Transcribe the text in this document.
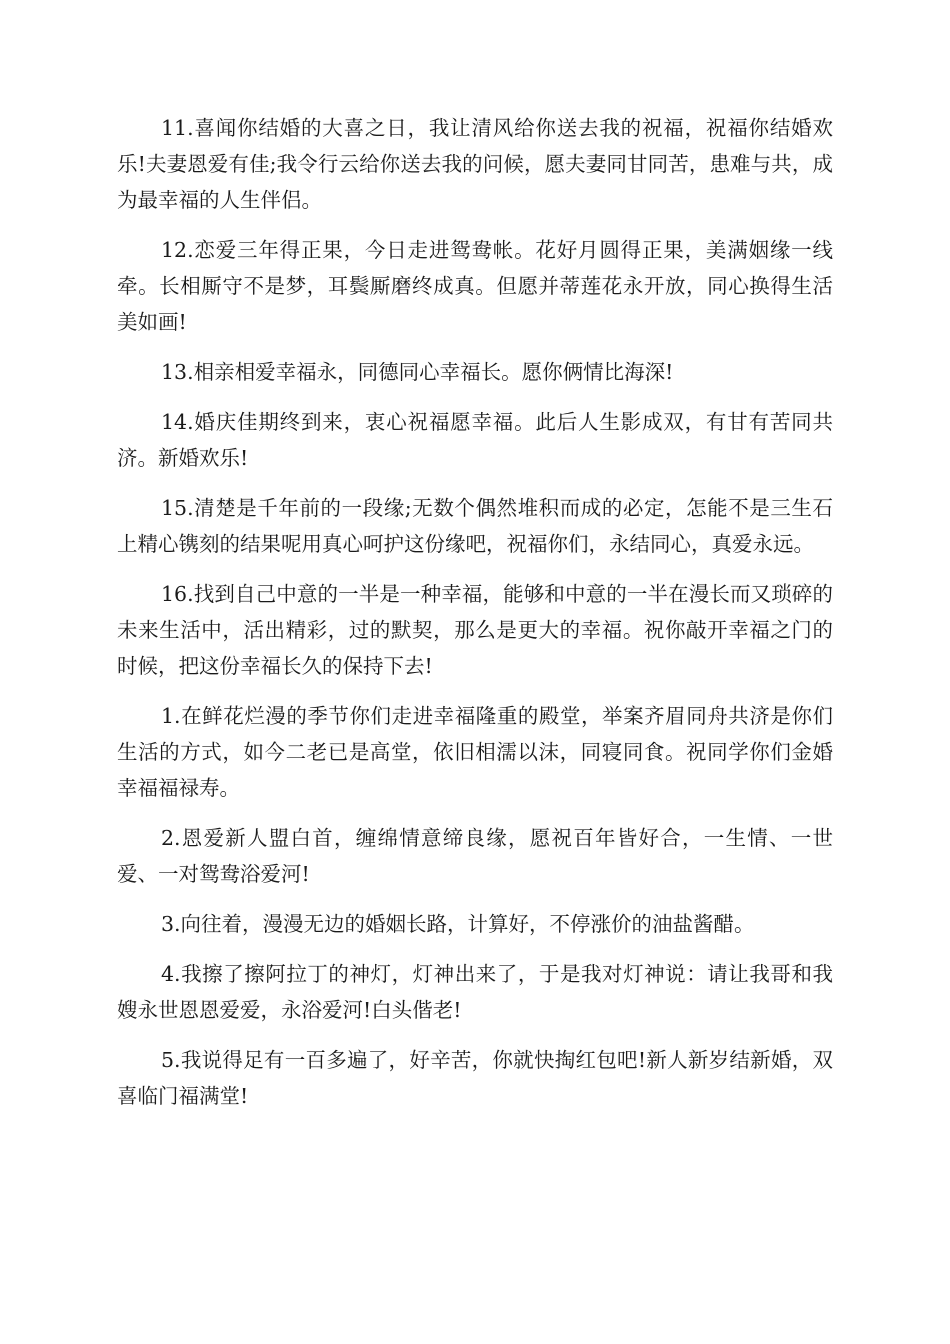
11.喜闻你结婚的大喜之日，我让清风给你送去我的祝福，祝福你结婚欢乐!夫妻恩爱有佳;我令行云给你送去我的问候，愿夫妻同甘同苦，患难与共，成为最幸福的人生伴侣。

12.恋爱三年得正果，今日走进鸳鸯帐。花好月圆得正果，美满姻缘一线牵。长相厮守不是梦，耳鬓厮磨终成真。但愿并蒂莲花永开放，同心换得生活美如画!

13.相亲相爱幸福永，同德同心幸福长。愿你俩情比海深!

14.婚庆佳期终到来，衷心祝福愿幸福。此后人生影成双，有甘有苦同共济。新婚欢乐!

15.清楚是千年前的一段缘;无数个偶然堆积而成的必定，怎能不是三生石上精心镌刻的结果呢用真心呵护这份缘吧，祝福你们，永结同心，真爱永远。

16.找到自己中意的一半是一种幸福，能够和中意的一半在漫长而又琐碎的未来生活中，活出精彩，过的默契，那么是更大的幸福。祝你敲开幸福之门的时候，把这份幸福长久的保持下去!

1.在鲜花烂漫的季节你们走进幸福隆重的殿堂，举案齐眉同舟共济是你们生活的方式，如今二老已是高堂，依旧相濡以沫，同寝同食。祝同学你们金婚幸福福禄寿。

2.恩爱新人盟白首，缠绵情意缔良缘，愿祝百年皆好合，一生情、一世爱、一对鸳鸯浴爱河!

3.向往着，漫漫无边的婚姻长路，计算好，不停涨价的油盐酱醋。

4.我擦了擦阿拉丁的神灯，灯神出来了，于是我对灯神说：请让我哥和我嫂永世恩恩爱爱，永浴爱河!白头偕老!

5.我说得足有一百多遍了，好辛苦，你就快掏红包吧!新人新岁结新婚，双喜临门福满堂!
